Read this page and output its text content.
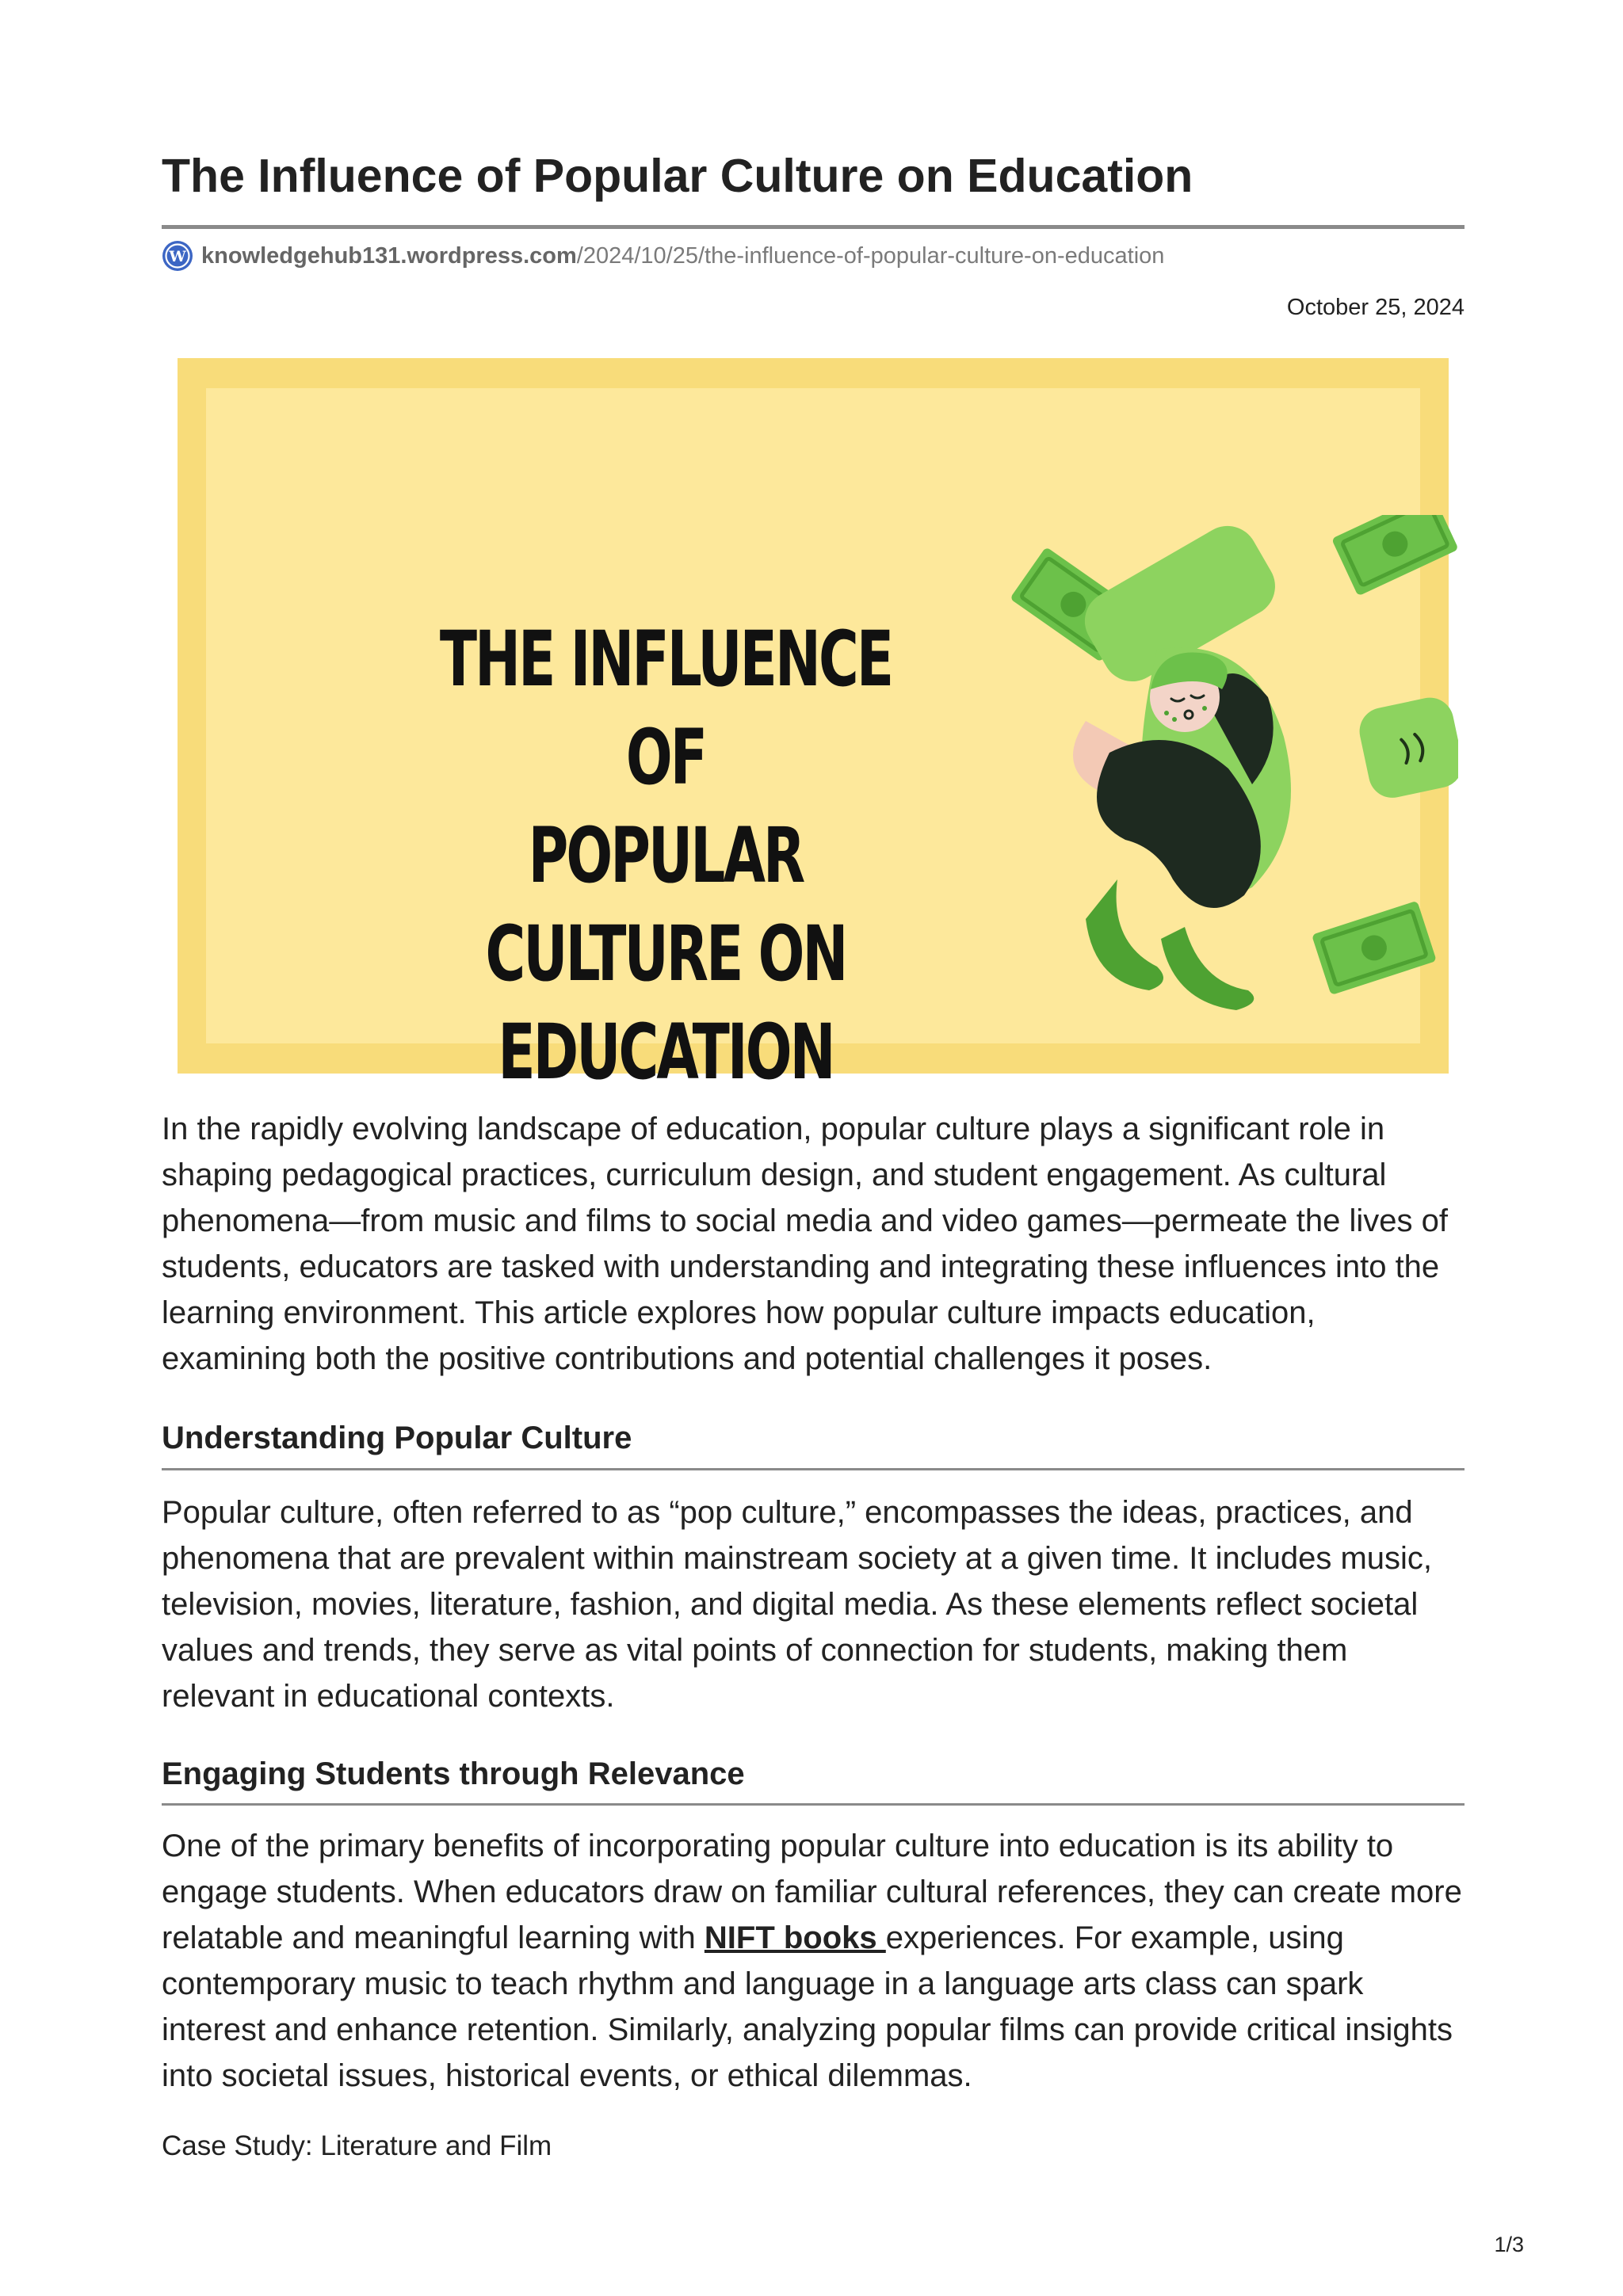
The Influence of Popular Culture on Education
W knowledgehub131.wordpress.com /2024/10/25/the-influence-of-popular-culture-on-education
October 25, 2024
THE INFLUENCE OF
POPULAR CULTURE ON
EDUCATION

In the rapidly evolving landscape of education, popular culture plays a significant role in shaping pedagogical practices, curriculum design, and student engagement. As cultural phenomena—from music and films to social media and video games—permeate the lives of students, educators are tasked with understanding and integrating these influences into the learning environment. This article explores how popular culture impacts education, examining both the positive contributions and potential challenges it poses.

Understanding Popular Culture

Popular culture, often referred to as “pop culture,” encompasses the ideas, practices, and phenomena that are prevalent within mainstream society at a given time. It includes music, television, movies, literature, fashion, and digital media. As these elements reflect societal values and trends, they serve as vital points of connection for students, making them relevant in educational contexts.

Engaging Students through Relevance

One of the primary benefits of incorporating popular culture into education is its ability to engage students. When educators draw on familiar cultural references, they can create more relatable and meaningful learning with NIFT books experiences. For example, using contemporary music to teach rhythm and language in a language arts class can spark interest and enhance retention. Similarly, analyzing popular films can provide critical insights into societal issues, historical events, or ethical dilemmas.

Case Study: Literature and Film

1/3
